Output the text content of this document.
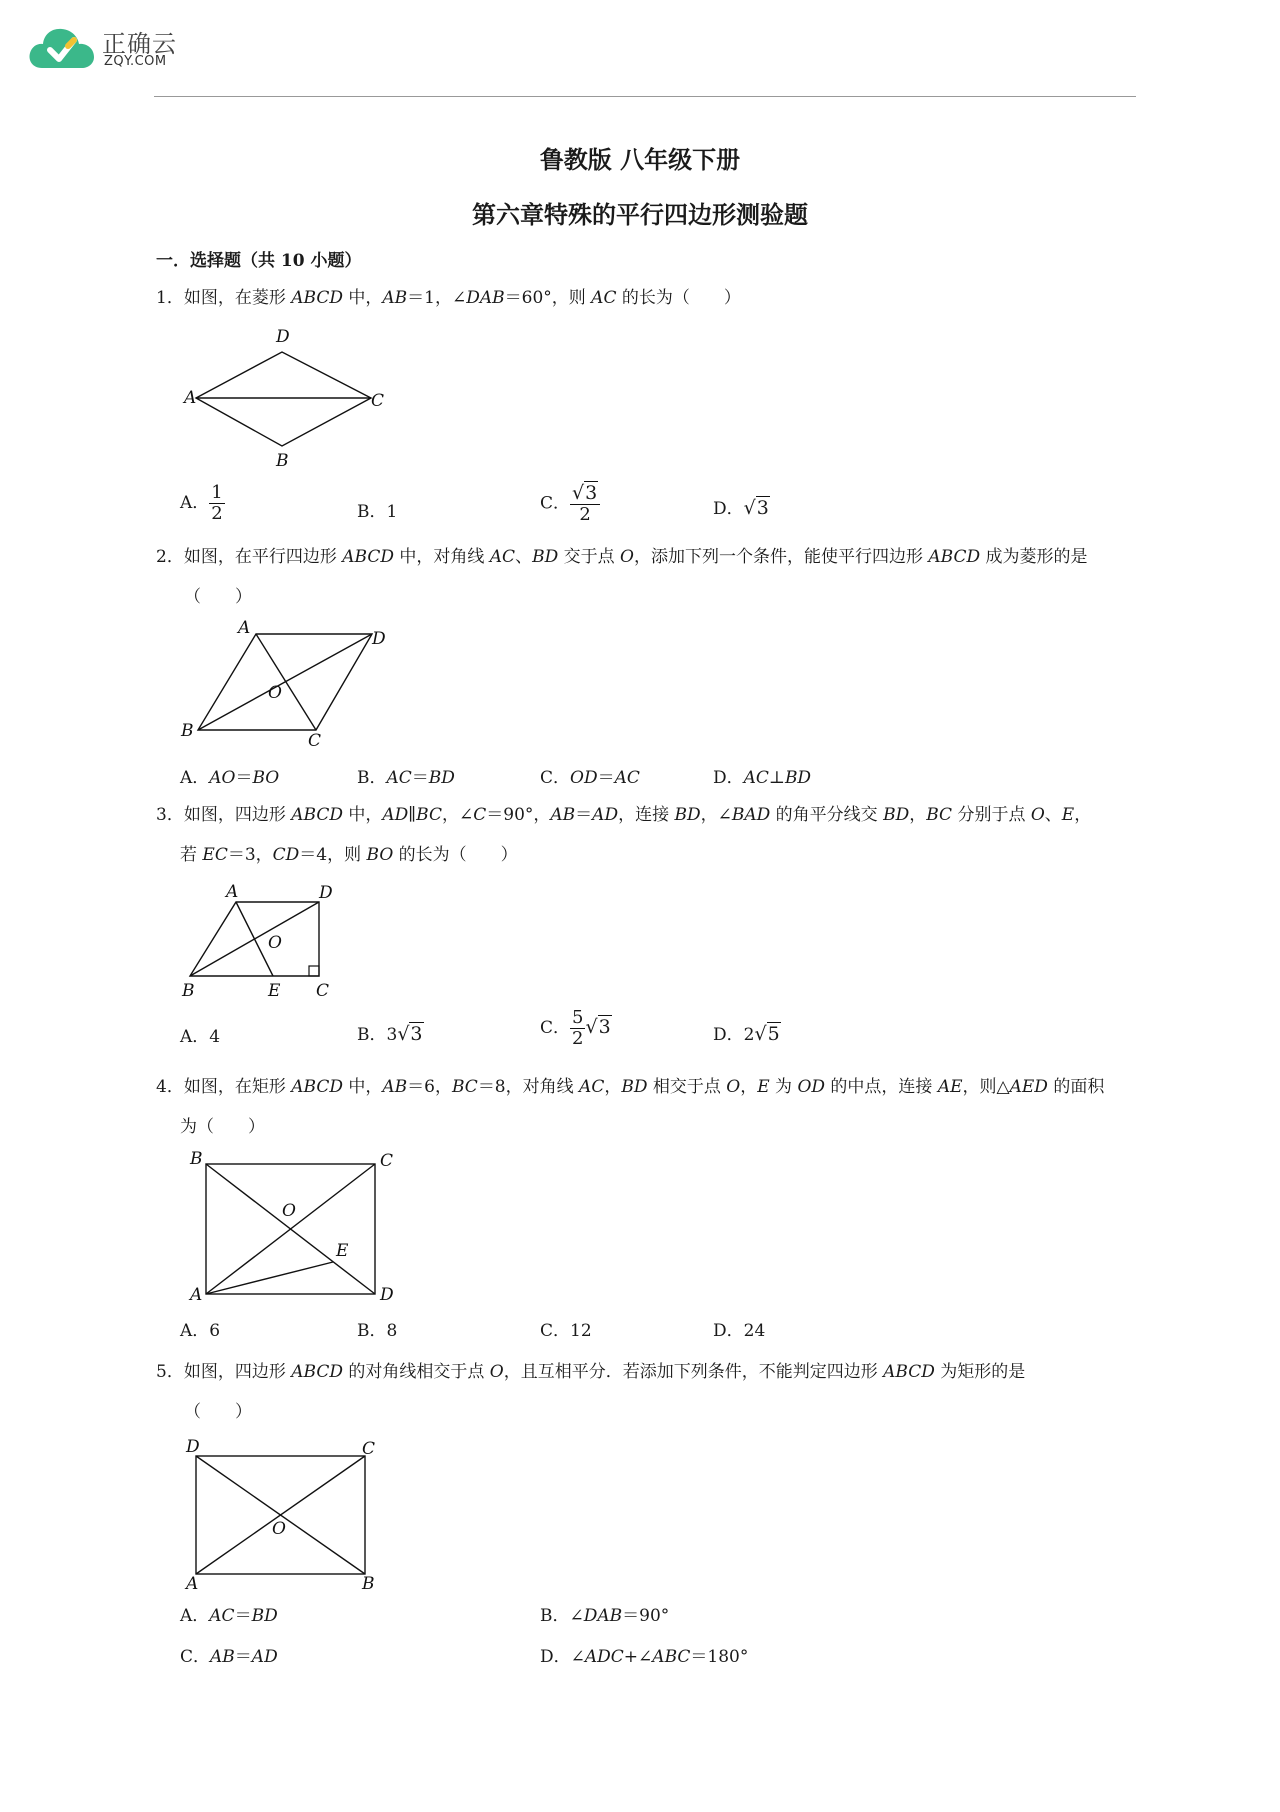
正确云
ZQY.COM
鲁教版 八年级下册
第六章特殊的平行四边形测验题
一．选择题（共 10 小题）
1．如图，在菱形 ABCD 中，AB＝1，∠DAB＝60°，则 AC 的长为（　　）
A
D
C
B
A． $\frac{1}{2}$	B．1	C． $\frac{√3}{2}$	D．√3
2．如图，在平行四边形 ABCD 中，对角线 AC、BD 交于点 O，添加下列一个条件，能使平行四边形 ABCD 成为菱形的是
（　　）
A
D
B	C
O
A．AO＝BO	B．AC＝BD	C．OD＝AC	D．AC⊥BD
3．如图，四边形 ABCD 中，AD∥BC，∠C＝90°，AB＝AD，连接 BD，∠BAD 的角平分线交 BD，BC 分别于点 O、E，
若 EC＝3，CD＝4，则 BO 的长为（　　）
A	D
O
B	E C
A．4	B．3√3	C． $\frac{5}{2} √3$	D．2√5
4．如图，在矩形 ABCD 中，AB＝6，BC＝8，对角线 AC，BD 相交于点 O，E 为 OD 的中点，连接 AE，则△AED 的面积
为（　　）
B	C
O
E
A	D
A．6	B．8	C．12	D．24
5．如图，四边形 ABCD 的对角线相交于点 O，且互相平分．若添加下列条件，不能判定四边形 ABCD 为矩形的是
（　　）
D	C
O
A	B
A．AC＝BD	B．∠DAB＝90°
C．AB＝AD	D．∠ADC+∠ABC＝180°
